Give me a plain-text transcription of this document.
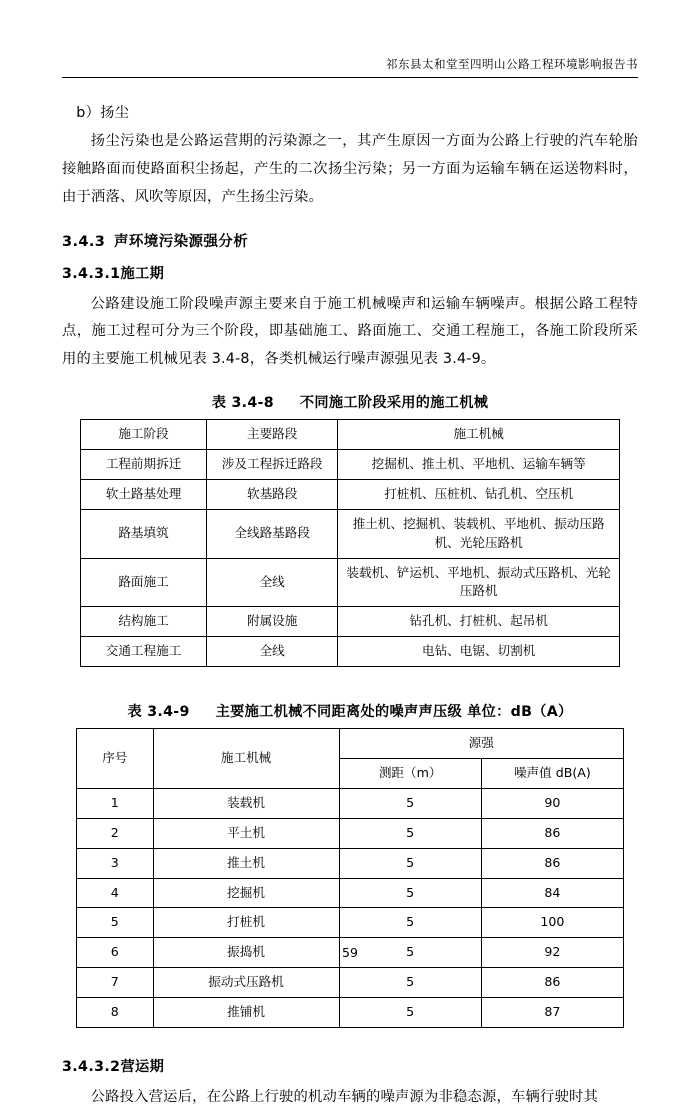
祁东县太和堂至四明山公路工程环境影响报告书

b）扬尘

扬尘污染也是公路运营期的污染源之一，其产生原因一方面为公路上行驶的汽车轮胎接触路面而使路面积尘扬起，产生的二次扬尘污染；另一方面为运输车辆在运送物料时，由于洒落、风吹等原因，产生扬尘污染。

3.4.3 声环境污染源强分析
3.4.3.1施工期

公路建设施工阶段噪声源主要来自于施工机械噪声和运输车辆噪声。根据公路工程特点，施工过程可分为三个阶段，即基础施工、路面施工、交通工程施工，各施工阶段所采用的主要施工机械见表 3.4-8，各类机械运行噪声源强见表 3.4-9。

表 3.4-8 不同施工阶段采用的施工机械
施工阶段	主要路段	施工机械
工程前期拆迁	涉及工程拆迁路段	挖掘机、推土机、平地机、运输车辆等
软土路基处理	软基路段	打桩机、压桩机、钻孔机、空压机
路基填筑	全线路基路段	推土机、挖掘机、装载机、平地机、振动压路机、光轮压路机
路面施工	全线	装载机、铲运机、平地机、振动式压路机、光轮压路机
结构施工	附属设施	钻孔机、打桩机、起吊机
交通工程施工	全线	电钻、电锯、切割机
表 3.4-9 主要施工机械不同距离处的噪声声压级 单位：dB（A）
序号	施工机械	源强	
		测距（m）	噪声值 dB(A)
1	装载机	5	90
2	平土机	5	86
3	推土机	5	86
4	挖掘机	5	84
5	打桩机	5	100
6	振捣机	5	92
7	振动式压路机	5	86
8	推铺机	5	87
3.4.3.2营运期

公路投入营运后，在公路上行驶的机动车辆的噪声源为非稳态源，车辆行驶时其

59
